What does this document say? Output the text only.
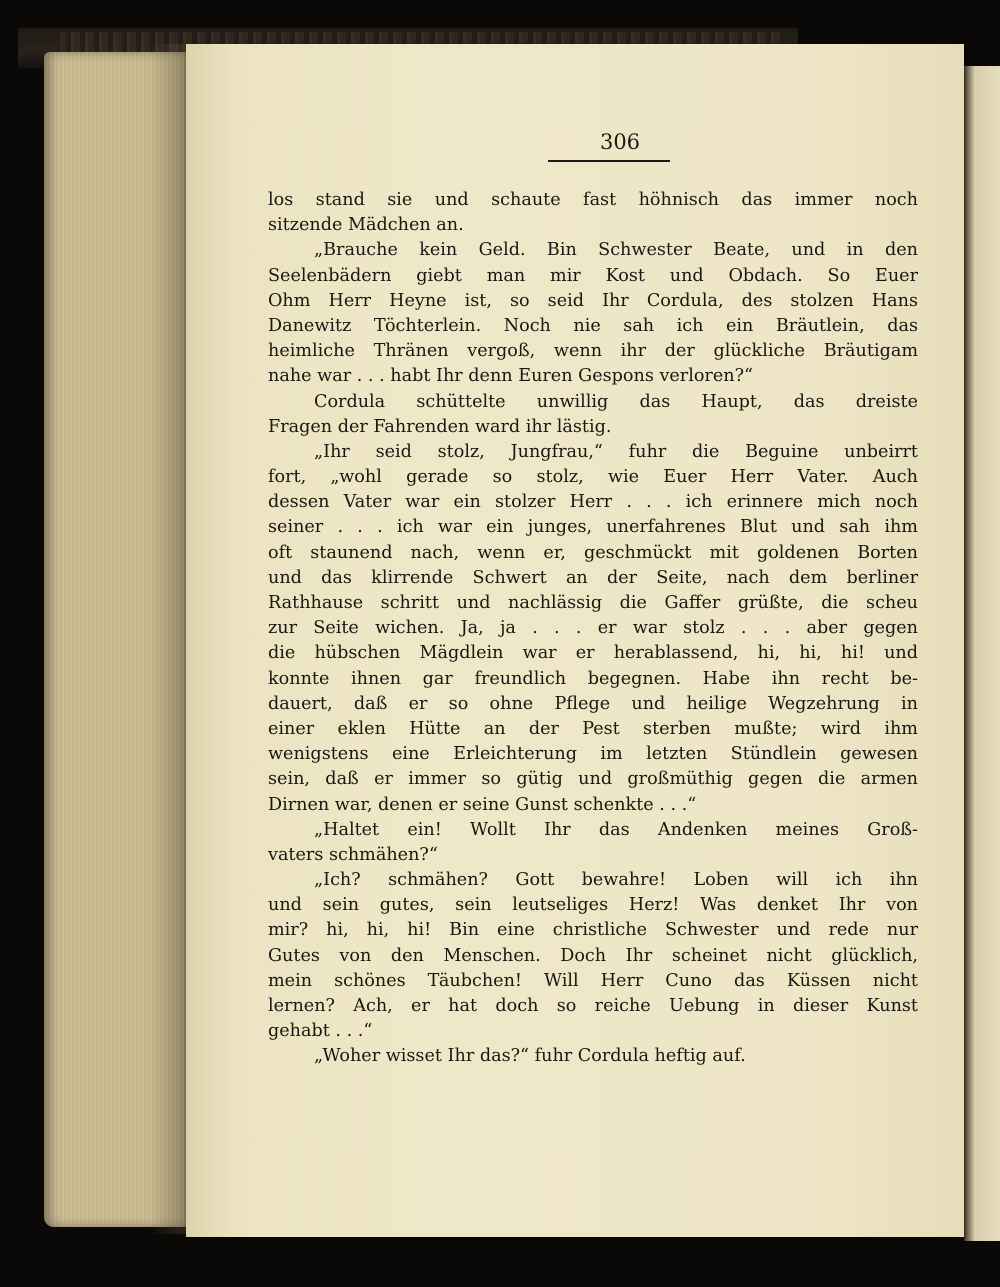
306
los stand sie und schaute fast höhnisch das immer noch
sitzende Mädchen an.
„Brauche kein Geld. Bin Schwester Beate, und in den
Seelenbädern giebt man mir Kost und Obdach. So Euer
Ohm Herr Heyne ist, so seid Ihr Cordula, des stolzen Hans
Danewitz Töchterlein. Noch nie sah ich ein Bräutlein, das
heimliche Thränen vergoß, wenn ihr der glückliche Bräutigam
nahe war . . . habt Ihr denn Euren Gespons verloren?“
Cordula schüttelte unwillig das Haupt, das dreiste
Fragen der Fahrenden ward ihr lästig.
„Ihr seid stolz, Jungfrau,“ fuhr die Beguine unbeirrt
fort, „wohl gerade so stolz, wie Euer Herr Vater. Auch
dessen Vater war ein stolzer Herr . . . ich erinnere mich noch
seiner . . . ich war ein junges, unerfahrenes Blut und sah ihm
oft staunend nach, wenn er, geschmückt mit goldenen Borten
und das klirrende Schwert an der Seite, nach dem berliner
Rathhause schritt und nachlässig die Gaffer grüßte, die scheu
zur Seite wichen. Ja, ja . . . er war stolz . . . aber gegen
die hübschen Mägdlein war er herablassend, hi, hi, hi! und
konnte ihnen gar freundlich begegnen. Habe ihn recht be-
dauert, daß er so ohne Pflege und heilige Wegzehrung in
einer eklen Hütte an der Pest sterben mußte; wird ihm
wenigstens eine Erleichterung im letzten Stündlein gewesen
sein, daß er immer so gütig und großmüthig gegen die armen
Dirnen war, denen er seine Gunst schenkte . . .“
„Haltet ein! Wollt Ihr das Andenken meines Groß-
vaters schmähen?“
„Ich? schmähen? Gott bewahre! Loben will ich ihn
und sein gutes, sein leutseliges Herz! Was denket Ihr von
mir? hi, hi, hi! Bin eine christliche Schwester und rede nur
Gutes von den Menschen. Doch Ihr scheinet nicht glücklich,
mein schönes Täubchen! Will Herr Cuno das Küssen nicht
lernen? Ach, er hat doch so reiche Uebung in dieser Kunst
gehabt . . .“
„Woher wisset Ihr das?“ fuhr Cordula heftig auf.
